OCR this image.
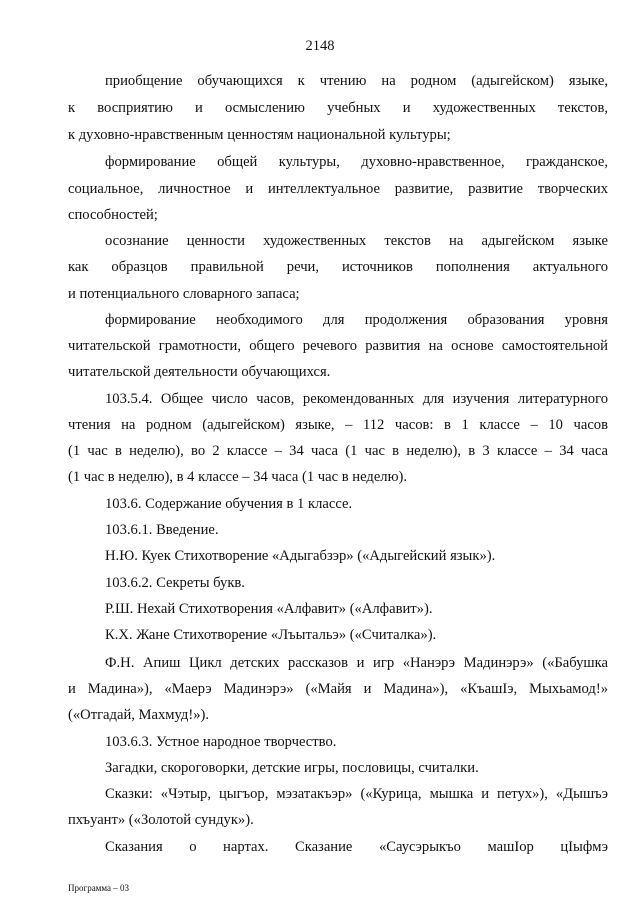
2148
приобщение обучающихся к чтению на родном (адыгейском) языке,
к восприятию и осмыслению учебных и художественных текстов,
к духовно-нравственным ценностям национальной культуры;
формирование общей культуры, духовно-нравственное, гражданское,
социальное, личностное и интеллектуальное развитие, развитие творческих
способностей;
осознание ценности художественных текстов на адыгейском языке
как образцов правильной речи, источников пополнения актуального
и потенциального словарного запаса;
формирование необходимого для продолжения образования уровня
читательской грамотности, общего речевого развития на основе самостоятельной
читательской деятельности обучающихся.
103.5.4. Общее число часов, рекомендованных для изучения литературного
чтения на родном (адыгейском) языке, – 112 часов: в 1 классе – 10 часов
(1 час в неделю), во 2 классе – 34 часа (1 час в неделю), в 3 классе – 34 часа
(1 час в неделю), в 4 классе – 34 часа (1 час в неделю).
103.6. Содержание обучения в 1 классе.
103.6.1. Введение.
Н.Ю. Куек Стихотворение «Адыгабзэр» («Адыгейский язык»).
103.6.2. Секреты букв.
Р.Ш. Нехай Стихотворения «Алфавит» («Алфавит»).
К.Х. Жане Стихотворение «Лъытальэ» («Считалка»).
Ф.Н. Апиш Цикл детских рассказов и игр «Нанэрэ Мадинэрэ» («Бабушка
и Мадина»), «Маерэ Мадинэрэ» («Майя и Мадина»), «КъашIэ, Мыхьамод!»
(«Отгадай, Махмуд!»).
103.6.3. Устное народное творчество.
Загадки, скороговорки, детские игры, пословицы, считалки.
Сказки: «Чэтыр, цыгъор, мэзатакъэр» («Курица, мышка и петух»), «Дышъэ
пхъуант» («Золотой сундук»).
Сказания о нартах. Сказание «Саусэрыкъо машIор цIыфмэ
Программа – 03
